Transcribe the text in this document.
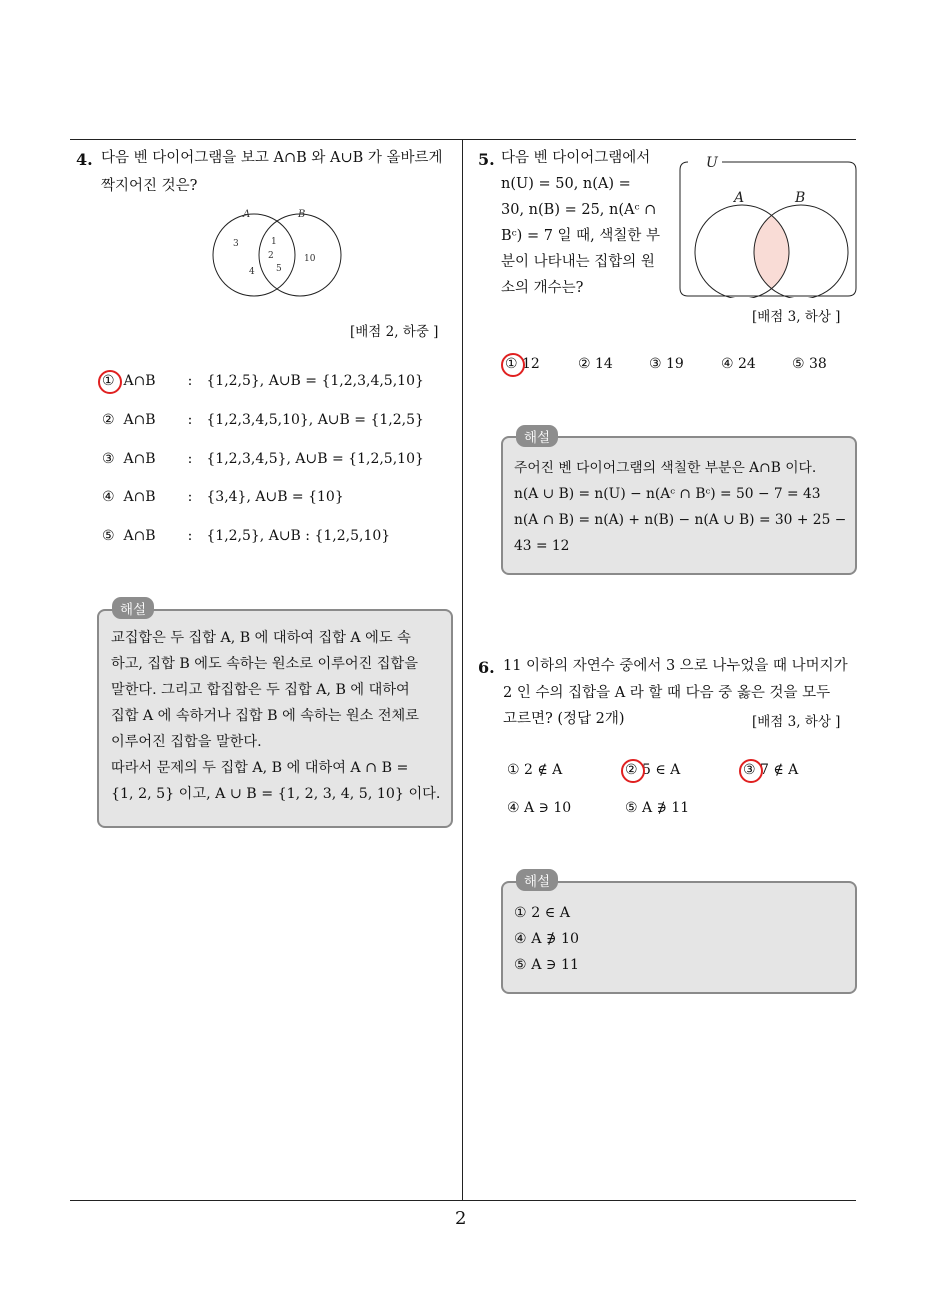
2
4. 다음 벤 다이어그램을 보고 A∩B 와 A∪B 가 올바르게
짝지어진 것은?
A	B
3
4
1
2
5
10
[배점 2, 하중 ]
① A∩B : {1,2,5}, A∪B = {1,2,3,4,5,10}
② A∩B : {1,2,3,4,5,10}, A∪B = {1,2,5}
③ A∩B : {1,2,3,4,5}, A∪B = {1,2,5,10}
④ A∩B : {3,4}, A∪B = {10}
⑤ A∩B : {1,2,5}, A∪B : {1,2,5,10}
교집합은 두 집합 A, B 에 대하여 집합 A 에도 속
하고, 집합 B 에도 속하는 원소로 이루어진 집합을
말한다. 그리고 합집합은 두 집합 A, B 에 대하여
집합 A 에 속하거나 집합 B 에 속하는 원소 전체로
이루어진 집합을 말한다.
따라서 문제의 두 집합 A, B 에 대하여 A ∩ B =
{1, 2, 5} 이고, A ∪ B = {1, 2, 3, 4, 5, 10} 이다.
해설
5. 다음 벤 다이어그램에서
n(U) = 50, n(A) =
30, n(B) = 25, n(Aᶜ ∩
Bᶜ) = 7 일 때, 색칠한 부
분이 나타내는 집합의 원
소의 개수는?
U
A	B
[배점 3, 하상 ]
① 12	② 14	③ 19	④ 24	⑤ 38
주어진 벤 다이어그램의 색칠한 부분은 A∩B 이다.
n(A ∪ B) = n(U) − n(Aᶜ ∩ Bᶜ) = 50 − 7 = 43
n(A ∩ B) = n(A) + n(B) − n(A ∪ B) = 30 + 25 −
43 = 12
해설
6. 11 이하의 자연수 중에서 3 으로 나누었을 때 나머지가
2 인 수의 집합을 A 라 할 때 다음 중 옳은 것을 모두
고르면? (정답 2개)	[배점 3, 하상 ]
① 2 ∉ A	② 5 ∈ A	③ 7 ∉ A
④ A ∋ 10	⑤ A ∌ 11
① 2 ∈ A
④ A ∌ 10
⑤ A ∋ 11
해설
